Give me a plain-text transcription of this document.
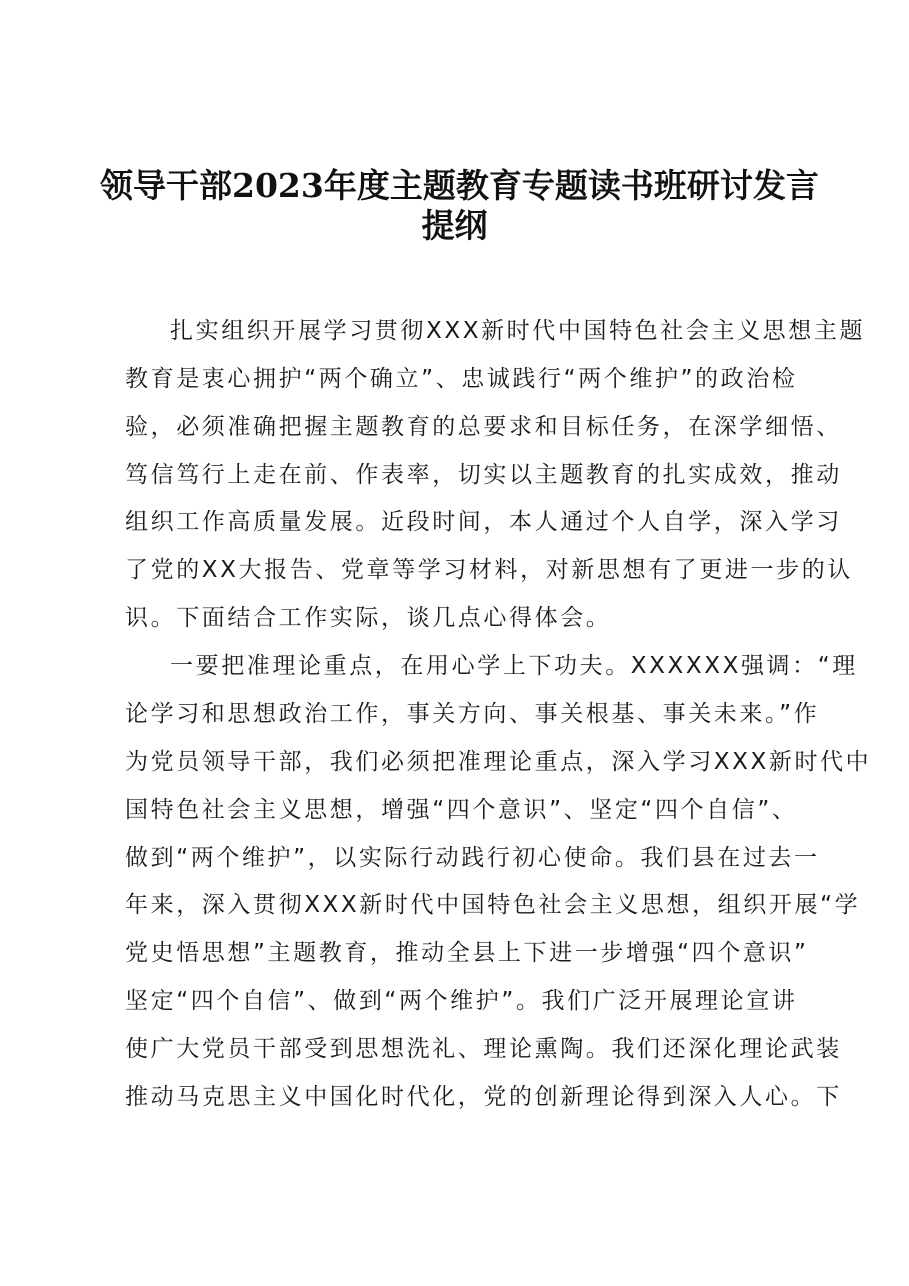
领导干部2023年度主题教育专题读书班研讨发言
提纲
扎实组织开展学习贯彻XXX新时代中国特色社会主义思想主题
教育是衷心拥护“两个确立”、忠诚践行“两个维护”的政治检
验，必须准确把握主题教育的总要求和目标任务，在深学细悟、
笃信笃行上走在前、作表率，切实以主题教育的扎实成效，推动
组织工作高质量发展。近段时间，本人通过个人自学，深入学习
了党的XX大报告、党章等学习材料，对新思想有了更进一步的认
识。下面结合工作实际，谈几点心得体会。
一要把准理论重点，在用心学上下功夫。XXXXXX强调：“理
论学习和思想政治工作，事关方向、事关根基、事关未来。”作
为党员领导干部，我们必须把准理论重点，深入学习XXX新时代中
国特色社会主义思想，增强“四个意识”、坚定“四个自信”、
做到“两个维护”，以实际行动践行初心使命。我们县在过去一
年来，深入贯彻XXX新时代中国特色社会主义思想，组织开展“学
党史悟思想”主题教育，推动全县上下进一步增强“四个意识”
坚定“四个自信”、做到“两个维护”。我们广泛开展理论宣讲
使广大党员干部受到思想洗礼、理论熏陶。我们还深化理论武装
推动马克思主义中国化时代化，党的创新理论得到深入人心。下
